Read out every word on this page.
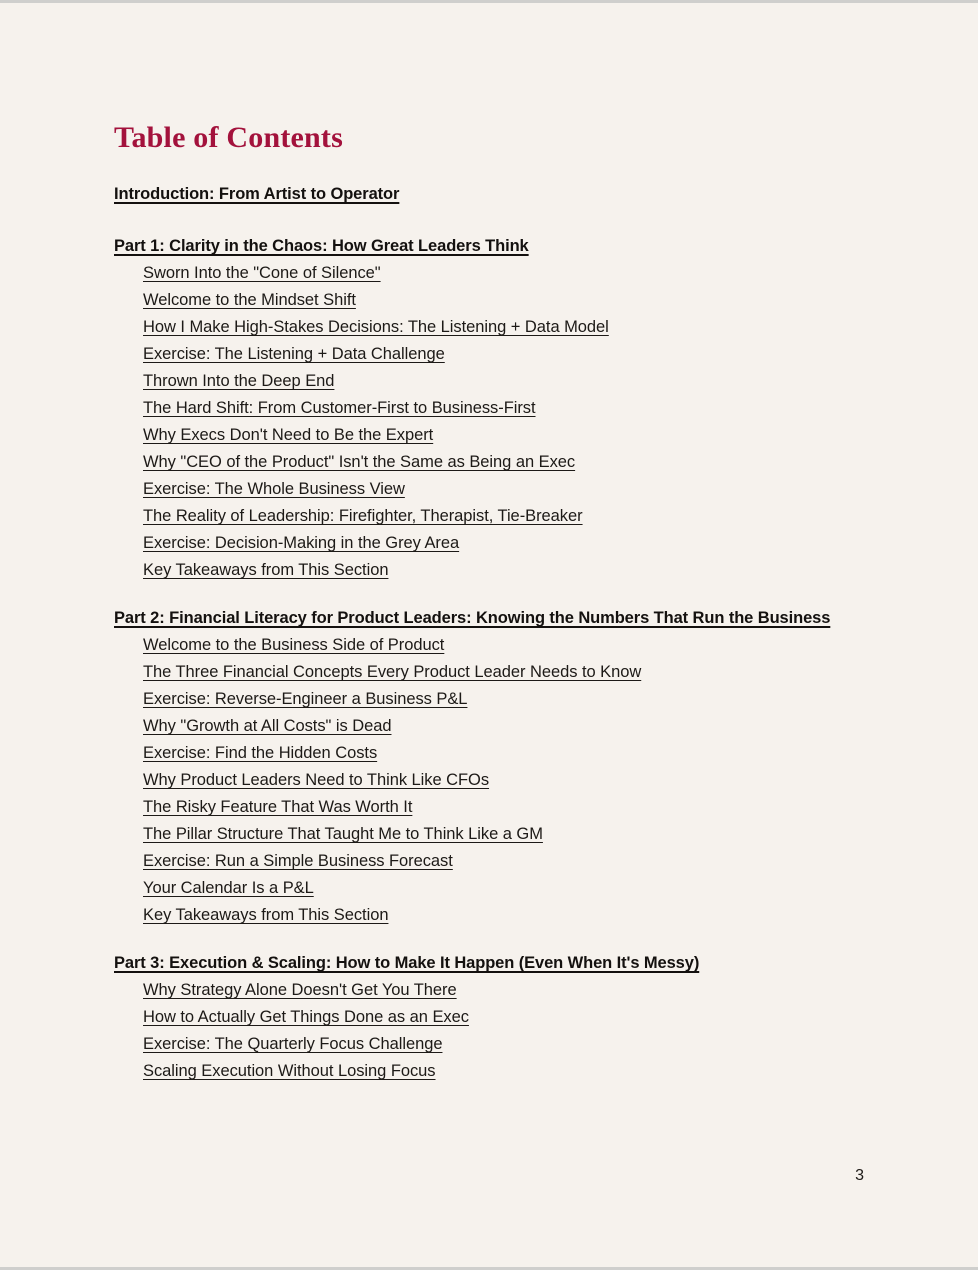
Table of Contents
Introduction: From Artist to Operator
Part 1: Clarity in the Chaos: How Great Leaders Think
Sworn Into the "Cone of Silence"
Welcome to the Mindset Shift
How I Make High-Stakes Decisions: The Listening + Data Model
Exercise: The Listening + Data Challenge
Thrown Into the Deep End
The Hard Shift: From Customer-First to Business-First
Why Execs Don't Need to Be the Expert
Why "CEO of the Product" Isn't the Same as Being an Exec
Exercise: The Whole Business View
The Reality of Leadership: Firefighter, Therapist, Tie-Breaker
Exercise: Decision-Making in the Grey Area
Key Takeaways from This Section
Part 2: Financial Literacy for Product Leaders: Knowing the Numbers That Run the Business
Welcome to the Business Side of Product
The Three Financial Concepts Every Product Leader Needs to Know
Exercise: Reverse-Engineer a Business P&L
Why "Growth at All Costs" is Dead
Exercise: Find the Hidden Costs
Why Product Leaders Need to Think Like CFOs
The Risky Feature That Was Worth It
The Pillar Structure That Taught Me to Think Like a GM
Exercise: Run a Simple Business Forecast
Your Calendar Is a P&L
Key Takeaways from This Section
Part 3: Execution & Scaling: How to Make It Happen (Even When It's Messy)
Why Strategy Alone Doesn't Get You There
How to Actually Get Things Done as an Exec
Exercise: The Quarterly Focus Challenge
Scaling Execution Without Losing Focus
3
